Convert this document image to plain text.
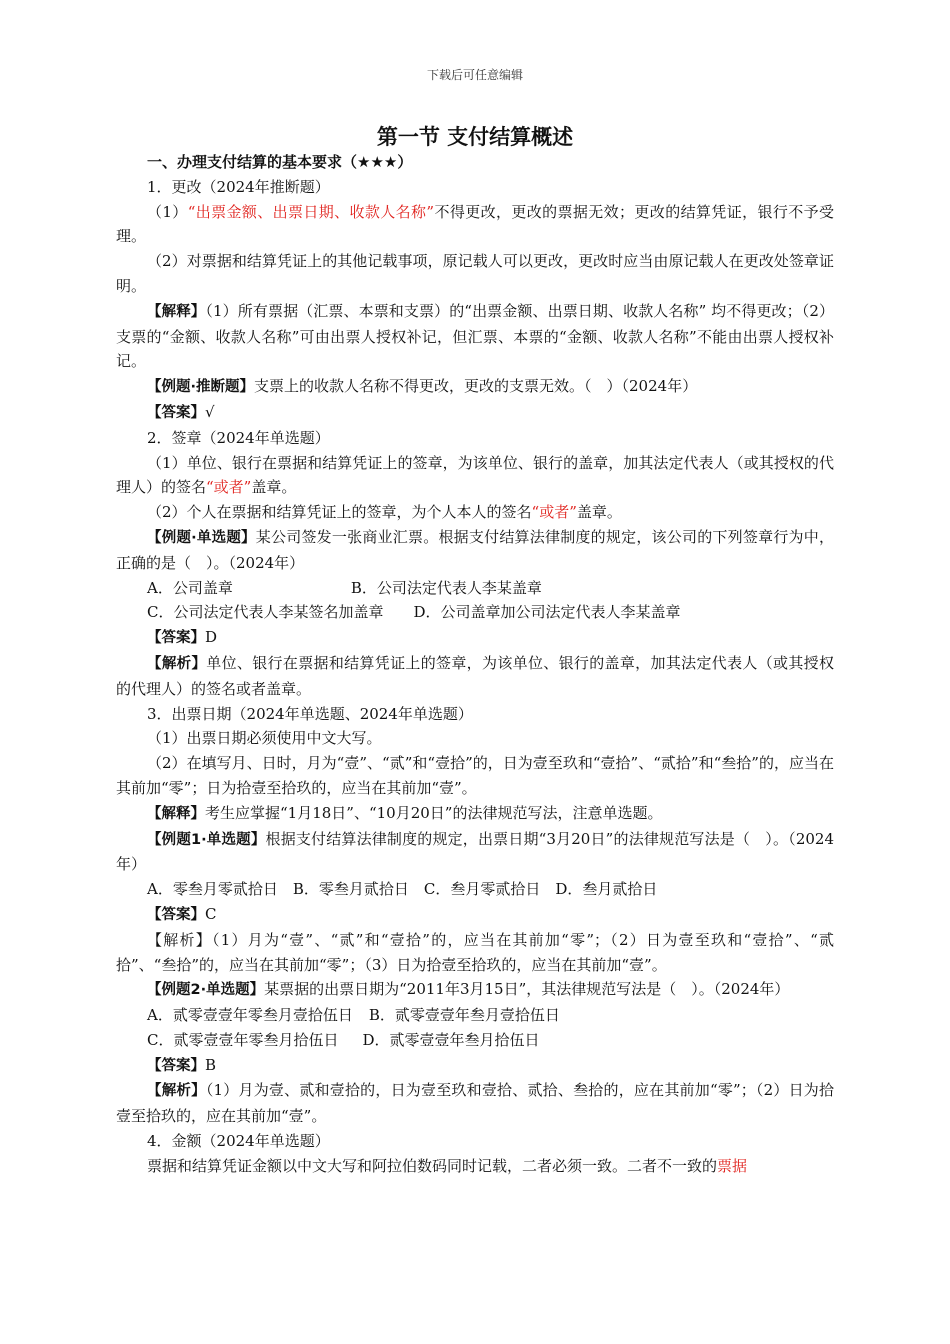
下载后可任意编辑
第一节 支付结算概述

一、办理支付结算的基本要求（★★★）

1．更改（2024年推断题）

（1）“出票金额、出票日期、收款人名称”不得更改，更改的票据无效；更改的结算凭证，银行不予受理。

（2）对票据和结算凭证上的其他记载事项，原记载人可以更改，更改时应当由原记载人在更改处签章证明。

【解释】（1）所有票据（汇票、本票和支票）的“出票金额、出票日期、收款人名称” 均不得更改；（2）支票的“金额、收款人名称”可由出票人授权补记，但汇票、本票的“金额、收款人名称”不能由出票人授权补记。

【例题·推断题】支票上的收款人名称不得更改，更改的支票无效。（　）（2024年）

【答案】√

2．签章（2024年单选题）

（1）单位、银行在票据和结算凭证上的签章，为该单位、银行的盖章，加其法定代表人（或其授权的代理人）的签名“或者”盖章。

（2）个人在票据和结算凭证上的签章，为个人本人的签名“或者”盖章。

【例题·单选题】某公司签发一张商业汇票。根据支付结算法律制度的规定，该公司的下列签章行为中，正确的是（　）。（2024年）

A．公司盖章	B．公司法定代表人李某盖章

C．公司法定代表人李某签名加盖章 D．公司盖章加公司法定代表人李某盖章

【答案】D

【解析】单位、银行在票据和结算凭证上的签章，为该单位、银行的盖章，加其法定代表人（或其授权的代理人）的签名或者盖章。

3．出票日期（2024年单选题、2024年单选题）

（1）出票日期必须使用中文大写。

（2）在填写月、日时，月为“壹”、“贰”和“壹拾”的，日为壹至玖和“壹拾”、“贰拾”和“叁拾”的，应当在其前加“零”；日为拾壹至拾玖的，应当在其前加“壹”。

【解释】考生应掌握“1月18日”、“10月20日”的法律规范写法，注意单选题。

【例题1·单选题】根据支付结算法律制度的规定，出票日期“3月20日”的法律规范写法是（　）。（2024年）

A．零叁月零贰拾日　B．零叁月贰拾日　C．叁月零贰拾日　D．叁月贰拾日

【答案】C

【解析】（1）月为“壹”、“贰”和“壹拾”的，应当在其前加“零”；（2）日为壹至玖和“壹拾”、“贰拾”、“叁拾”的，应当在其前加“零”；（3）日为拾壹至拾玖的，应当在其前加“壹”。

【例题2·单选题】某票据的出票日期为“2011年3月15日”，其法律规范写法是（　）。（2024年）

A．贰零壹壹年零叁月壹拾伍日 B．贰零壹壹年叁月壹拾伍日

C．贰零壹壹年零叁月拾伍日 D．贰零壹壹年叁月拾伍日

【答案】B

【解析】（1）月为壹、贰和壹拾的，日为壹至玖和壹拾、贰拾、叁拾的，应在其前加“零”；（2）日为拾壹至拾玖的，应在其前加“壹”。

4．金额（2024年单选题）

票据和结算凭证金额以中文大写和阿拉伯数码同时记载，二者必须一致。二者不一致的票据
